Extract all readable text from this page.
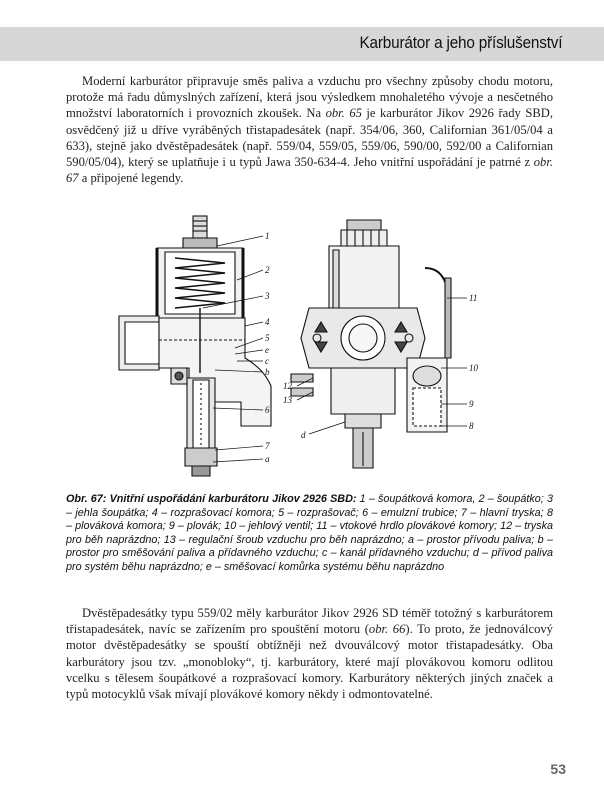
Karburátor a jeho příslušenství

Moderní karburátor připravuje směs paliva a vzduchu pro všechny způsoby chodu motoru, protože má řadu důmyslných zařízení, která jsou výsledkem mnohaletého vývoje a nesčetného množství laboratorních i provozních zkoušek. Na obr. 65 je karburátor Jikov 2926 řady SBD, osvědčený již u dříve vyráběných třistapadesátek (např. 354/06, 360, Californian 361/05/04 a 633), stejně jako dvěstěpadesátek (např. 559/04, 559/05, 559/06, 590/00, 592/00 a Californian 590/05/04), který se uplatňuje i u typů Jawa 350-634-4. Jeho vnitřní uspořádání je patrné z obr. 67 a připojené legendy.

1
2
3
4
5
e
c
b
6
7
a
11
10
9
8
12
13
d

Obr. 67: Vnitřní uspořádání karburátoru Jikov 2926 SBD: 1 – šoupátková komora, 2 – šoupátko; 3 – jehla šoupátka; 4 – rozprašovací komora; 5 – rozprašovač; 6 – emulzní trubice; 7 – hlavní tryska; 8 – plováková komora; 9 – plovák; 10 – jehlový ventil; 11 – vtokové hrdlo plovákové komory; 12 – tryska pro běh naprázdno; 13 – regulační šroub vzduchu pro běh naprázdno; a – prostor přívodu paliva; b – prostor pro směšování paliva a přídavného vzduchu; c – kanál přídavného vzduchu; d – přívod paliva pro systém běhu naprázdno; e – směšovací komůrka systému běhu naprázdno

Dvěstěpadesátky typu 559/02 měly karburátor Jikov 2926 SD téměř totožný s karburátorem třistapadesátek, navíc se zařízením pro spouštění motoru (obr. 66). To proto, že jednoválcový motor dvěstěpadesátky se spouští obtížněji než dvouválcový motor třistapadesátky. Oba karburátory jsou tzv. „monobloky“, tj. karburátory, které mají plovákovou komoru odlitou vcelku s tělesem šoupátkové a rozprašovací komory. Karburátory některých jiných značek a typů motocyklů však mívají plovákové komory někdy i odmontovatelné.

53
